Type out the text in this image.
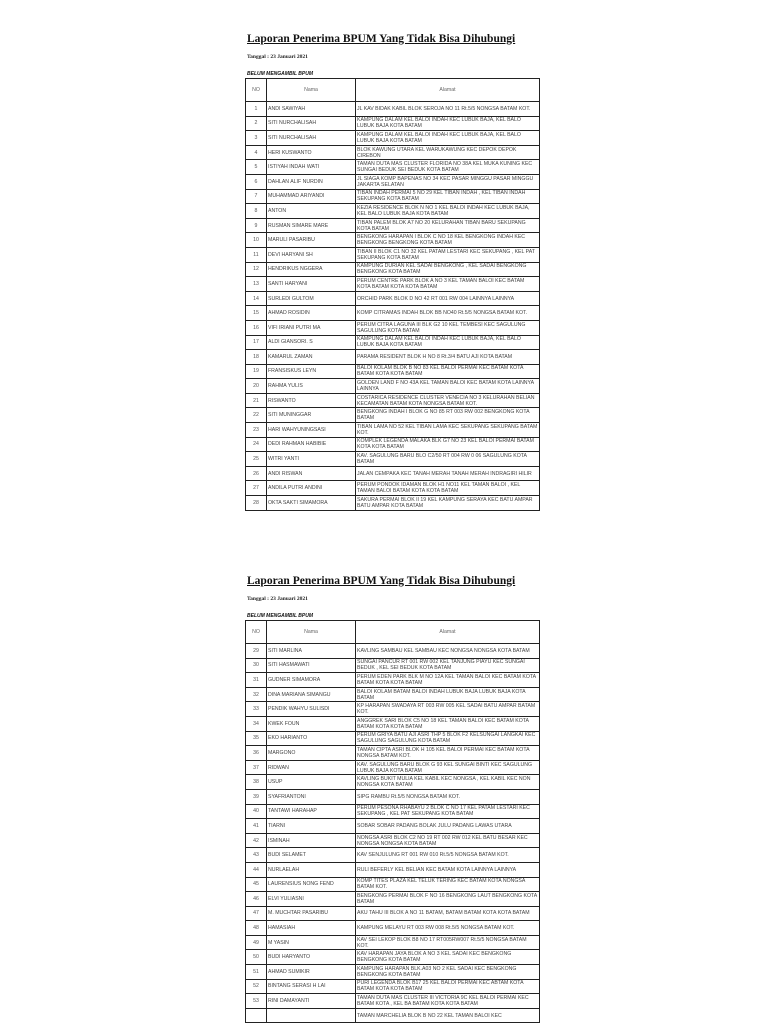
Laporan Penerima BPUM Yang Tidak Bisa Dihubungi
Tanggal : 23 Januari 2021
BELUM MENGAMBIL BPUM
NO	Nama	Alamat
1	ANDI SAWIYAH	JL KAV BIDAK KABIL BLOK SEROJA NO 11 Rt.5/5 NONGSA BATAM KOT.
2	SITI NURCHALISAH	KAMPUNG DALAM KEL BALOI INDAH KEC LUBUK BAJA, KEL BALO LUBUK BAJA KOTA BATAM
3	SITI NURCHALISAH	KAMPUNG DALAM KEL BALOI INDAH KEC LUBUK BAJA, KEL BALO LUBUK BAJA KOTA BATAM
4	HERI KUSWANTO	BLOK KAWUNG UTARA KEL WARUKAWUNG KEC DEPOK DEPOK CIREBON
5	ISTIYAH INDAH WATI	TAMAN DUTA MAS CLUSTER FLORIDA NO 38A KEL MUKA KUNING KEC SUNGAI BEDUK SEI BEDUK KOTA BATAM
6	DAHLAN ALIF NURDIN	JL SIAGA KOMP BAPENAS NO 34 KEC PASAR MINGGU PASAR MINGGU JAKARTA SELATAN
7	MUHAMMAD ARIYANDI	TIBAN INDAH PERMAI 5 NO 29 KEL TIBAN INDAH , KEL TIBAN INDAH SEKUPANG KOTA BATAM
8	ANTON	KEZIA RESIDENCE BLOK N NO 1 KEL BALOI INDAH KEC LUBUK BAJA, KEL BALO LUBUK BAJA KOTA BATAM
9	RUSMAN SIMARE MARE	TIBAN PALEM BLOK A7 NO 20 KELURAHAN TIBAN BARU SEKUPANG KOTA BATAM
10	MARULI PASARIBU	BENGKONG HARAPAN I BLOK C NO 18 KEL BENGKONG INDAH KEC BENGKONG BENGKONG KOTA BATAM
11	DEVI HARYANI SH	TIBAN II BLOK C1 NO 32 KEL PATAM LESTARI KEC SEKUPANG , KEL PAT SEKUPANG KOTA BATAM
12	HENDRIKUS NGGERA	KAMPUNG DURIAN KEL SADAI BENGKONG , KEL SADAI BENGKONG BENGKONG KOTA BATAM
13	SANTI HARYANI	PERUM CENTRE PARK BLOK A NO 3 KEL TAMAN BALOI KEC BATAM KOTA BATAM KOTA KOTA BATAM
14	SURLEDI GULTOM	ORCHID PARK BLOK D NO 42 RT 001 RW 004 LAINNYA LAINNYA
15	AHMAD ROSIDIN	KOMP CITRAMAS INDAH BLOK BB NO40 Rt.5/5 NONGSA BATAM KOT.
16	VIFI IRIANI PUTRI MA	PERUM CITRA LAGUNA III BLK G2 10 KEL TEMBESI KEC SAGULUNG SAGULUNG KOTA BATAM
17	ALDI GIANSORI. S	KAMPUNG DALAM KEL BALOI INDAH KEC LUBUK BAJA, KEL BALO LUBUK BAJA KOTA BATAM
18	KAMARUL ZAMAN	PARAMA RESIDENT BLOK H NO 8 Rt.3/4 BATU AJI KOTA BATAM
19	FRANSISKUS LEYN	BALOI KOLAM BLOK B NO 83 KEL BALOI PERMAI KEC BATAM KOTA BATAM KOTA KOTA BATAM
20	RAHMA YULIS	GOLDEN LAND F NO 43A KEL TAMAN BALOI KEC BATAM KOTA LAINNYA LAINNYA
21	RISWANTO	COSTARICA RESIDENCE CLUSTER VENECIA NO 3 KELURAHAN BELIAN KECAMATAN BATAM KOTA NONGSA BATAM KOT.
22	SITI MUNINGGAR	BENGKONG INDAH I BLOK G NO 85 RT 003 RW 002 BENGKONG KOTA BATAM
23	HARI WAHYUNINGSASI	TIBAN LAMA NO 52 KEL TIBAN LAMA KEC SEKUPANG SEKUPANG BATAM KOT.
24	DEDI RAHMAN HABIBIE	KOMPLEK LEGENDA MALAKA BLK G7 NO 23 KEL BALOI PERMAI BATAM KOTA KOTA BATAM
25	WITRI YANTI	KAV. SAGULUNG BARU BLO C2/50 RT 004 RW 0 06 SAGULUNG KOTA BATAM
26	ANDI RISWAN	JALAN CEMPAKA KEC TANAH MERAH TANAH MERAH INDRAGIRI HILIR
27	ANDILA PUTRI ANDINI	PERUM PONDOK IDAMAN BLOK H1 NO11 KEL TAMAN BALOI , KEL TAMAN BALOI BATAM KOTA KOTA BATAM
28	OKTA SAKTI SIMAMORA	SAKURA PERMAI BLOK II 19 KEL KAMPUNG SERAYA KEC BATU AMPAR BATU AMPAR KOTA BATAM
Laporan Penerima BPUM Yang Tidak Bisa Dihubungi
Tanggal : 23 Januari 2021
BELUM MENGAMBIL BPUM
NO	Nama	Alamat
29	SITI MARLINA	KAVLING SAMBAU KEL SAMBAU KEC NONGSA NONGSA KOTA BATAM
30	SITI HASMAWATI	SUNGAI PANCUR RT 001 RW 002 KEL TANJUNG PIAYU KEC SUNGAI BEDUK , KEL SEI BEDUK KOTA BATAM
31	GUDNER SIMAMORA	PERUM EDEN PARK BLK M NO 12A KEL TAMAN BALOI KEC BATAM KOTA BATAM KOTA KOTA BATAM
32	DINA MARIANA SIMANGU	BALOI KOLAM BATAM BALOI INDAH LUBUK BAJA LUBUK BAJA KOTA BATAM
33	PENDIK WAHYU SULISDI	KP HARAPAN SWADAYA RT 003 RW 005 KEL SADAI BATU AMPAR BATAM KOT.
34	KWEK FOUN	ANGGREK SARI BLOK C5 NO 18 KEL TAMAN BALOI KEC BATAM KOTA BATAM KOTA KOTA BATAM
35	EKO HARIANTO	PERUM GRIYA BATU AJI ASRI THP 5 BLOK F2 KELSUNGAI LANGKAI KEC SAGULUNG SAGULUNG KOTA BATAM
36	MARGONO	TAMAN CIPTA ASRI BLOK H 105 KEL BALOI PERMAI KEC BATAM KOTA NONGSA BATAM KOT.
37	RIDWAN	KAV. SAGULUNG BARU BLOK G 93 KEL SUNGAI BINTI KEC SAGULUNG LUBUK BAJA KOTA BATAM
38	USUP	KAVLING BUKIT MULIA KEL KABIL KEC NONGSA , KEL KABIL KEC NON NONGSA KOTA BATAM
39	SYAFRIANTONI	SIPG RAMBU Rt.5/5 NONGSA BATAM KOT.
40	TANTAWI HARAHAP	PERUM PESONA RHABAYU 2 BLOK C NO 17 KEL PATAM LESTARI KEC SEKUPANG , KEL PAT SEKUPANG KOTA BATAM
41	TIARNI	SOBAR SOBAR PADANG BOLAK JULU PADANG LAWAS UTARA
42	ISMINAH	NONGSA ASRI BLOK C2 NO 19 RT 002 RW 012 KEL BATU BESAR KEC NONGSA NONGSA KOTA BATAM
43	BUDI SELAMET	KAV SENJULUNG RT 001 RW 010 Rt.5/5 NONGSA BATAM KOT.
44	NURLAELAH	RULI BEFERLY KEL BELIAN KEC BATAM KOTA LAINNYA LAINNYA
45	LAURENSIUS NONG FEND	KOMP TITES PLAZA KEL TELUK TERING KEC BATAM KOTA NONGSA BATAM KOT.
46	ELVI YULIASNI	BENGKONG PERMAI BLOK F NO 16 BENGKONG LAUT BENGKONG KOTA BATAM
47	M. MUCHTAR PASARIBU	AKU TAHU III BLOK A NO 11 BATAM, BATAM BATAM KOTA KOTA BATAM
48	HAMASIAH	KAMPUNG MELAYU RT 003 RW 008 Rt.5/5 NONGSA BATAM KOT.
49	M YASIN	KAV SEI LEKOP BLOK B8 NO 17 RT005RW007 Rt.5/5 NONGSA BATAM KOT.
50	BUDI HARYANTO	KAV HARAPAN JAYA BLOK A NO 3 KEL SADAI KEC BENGKONG BENGKONG KOTA BATAM
51	AHMAD SUMIKIR	KAMPUNG HARAPAN BLK.A03 NO 2 KEL SADAI KEC BENGKONG BENGKONG KOTA BATAM
52	BINTANG SERASI H LAI	PURI LEGENDA BLOK B17 25 KEL BALOI PERMAI KEC ABTAM KOTA BATAM KOTA KOTA BATAM
53	RINI DAMAYANTI	TAMAN DUTA MAS CLUSTER III VICTORIA 9C KEL BALOI PERMAI KEC BATAM KOTA , KEL BA BATAM KOTA KOTA BATAM
		TAMAN MARCHELIA BLOK B NO 22 KEL TAMAN BALOI KEC
